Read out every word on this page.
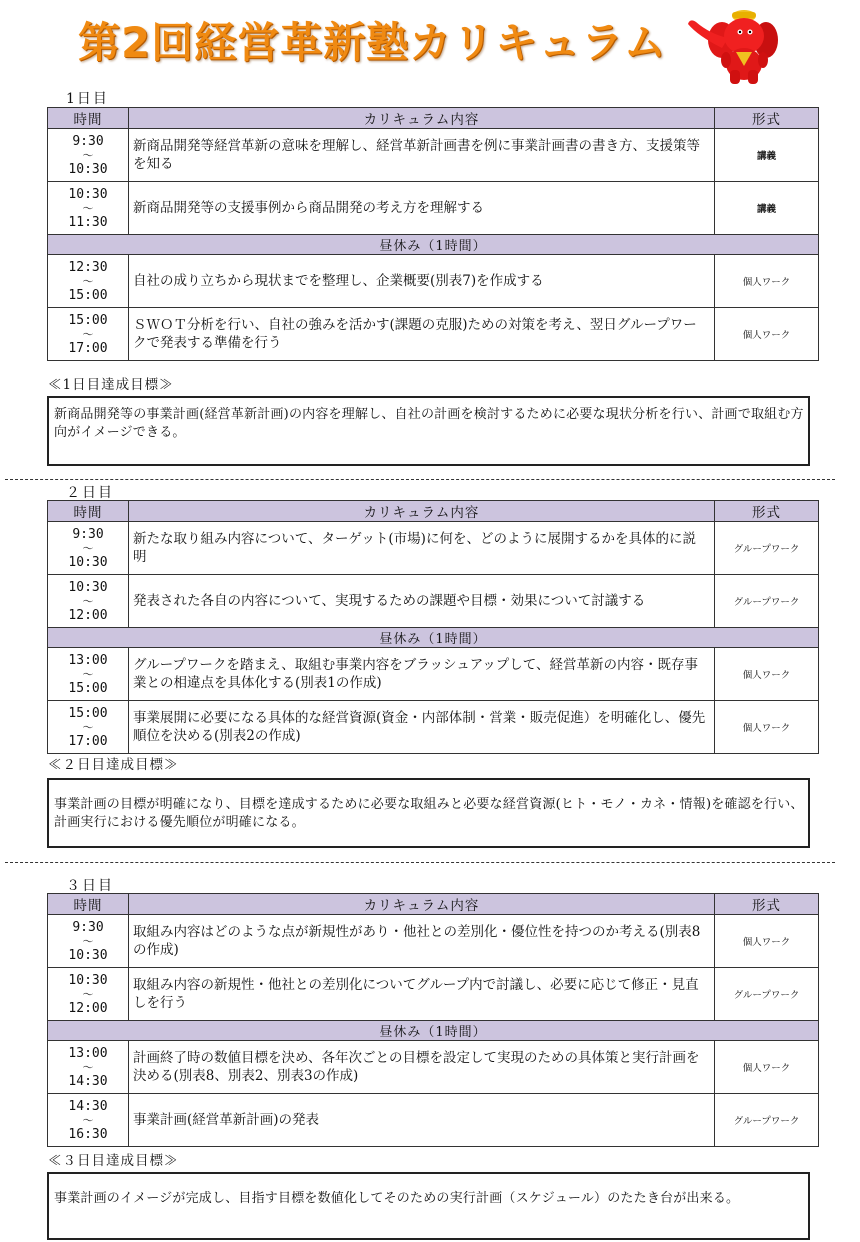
第2回経営革新塾カリキュラム
1日目
時間	カリキュラム内容	形式

9:30
〜
10:30	新商品開発等経営革新の意味を理解し、経営革新計画書を例に事業計画書の書き方、支援策等を知る	講義

10:30
〜
11:30	新商品開発等の支援事例から商品開発の考え方を理解する	講義
昼休み（1時間）		

12:30
〜
15:00	自社の成り立ちから現状までを整理し、企業概要(別表7)を作成する	個人ワーク

15:00
〜
17:00	ＳＷＯＴ分析を行い、自社の強みを活かす(課題の克服)ための対策を考え、翌日グループワークで発表する準備を行う	個人ワーク
≪1日目達成目標≫
新商品開発等の事業計画(経営革新計画)の内容を理解し、自社の計画を検討するために必要な現状分析を行い、計画で取組む方向がイメージできる。
２日目
時間	カリキュラム内容	形式

9:30
〜
10:30	新たな取り組み内容について、ターゲット(市場)に何を、どのように展開するかを具体的に説明	グループワーク

10:30
〜
12:00	発表された各自の内容について、実現するための課題や目標・効果について討議する	グループワーク
昼休み（1時間）		

13:00
〜
15:00	グループワークを踏まえ、取組む事業内容をブラッシュアップして、経営革新の内容・既存事業との相違点を具体化する(別表1の作成)	個人ワーク

15:00
〜
17:00	事業展開に必要になる具体的な経営資源(資金・内部体制・営業・販売促進）を明確化し、優先順位を決める(別表2の作成)	個人ワーク
≪２日目達成目標≫
事業計画の目標が明確になり、目標を達成するために必要な取組みと必要な経営資源(ヒト・モノ・カネ・情報)を確認を行い、計画実行における優先順位が明確になる。
３日目
時間	カリキュラム内容	形式

9:30
〜
10:30	取組み内容はどのような点が新規性があり・他社との差別化・優位性を持つのか考える(別表8の作成)	個人ワーク

10:30
〜
12:00	取組み内容の新規性・他社との差別化についてグループ内で討議し、必要に応じて修正・見直しを行う	グループワーク
昼休み（1時間）		

13:00
〜
14:30	計画終了時の数値目標を決め、各年次ごとの目標を設定して実現のための具体策と実行計画を決める(別表8、別表2、別表3の作成)	個人ワーク

14:30
〜
16:30	事業計画(経営革新計画)の発表	グループワーク
≪３日目達成目標≫
事業計画のイメージが完成し、目指す目標を数値化してそのための実行計画（スケジュール）のたたき台が出来る。
